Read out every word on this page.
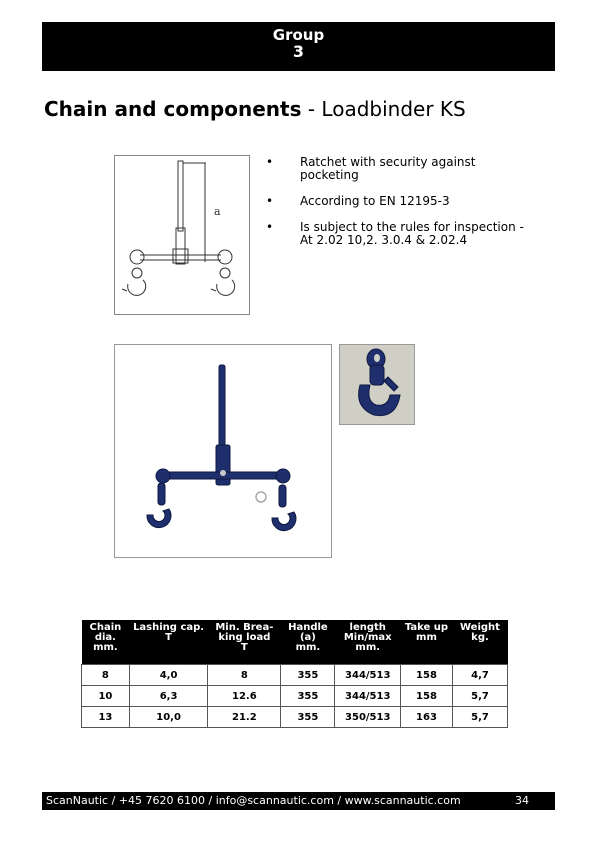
Group
3
Chain and components - Loadbinder KS
a
•	Ratchet with security against pocketing
•	According to EN 12195-3
•	Is subject to the rules for inspection - At 2.02 10,2. 3.0.4 & 2.02.4
Chain
dia.
mm.	Lashing cap.
T	Min. Brea-
king load
T	Handle
(a)
mm.	length
Min/max
mm.	Take up
mm	Weight
kg.
8	4,0	8	355	344/513	158	4,7
10	6,3	12.6	355	344/513	158	5,7
13	10,0	21.2	355	350/513	163	5,7
ScanNautic / +45 7620 6100 / info@scannautic.com / www.scannautic.com	34
